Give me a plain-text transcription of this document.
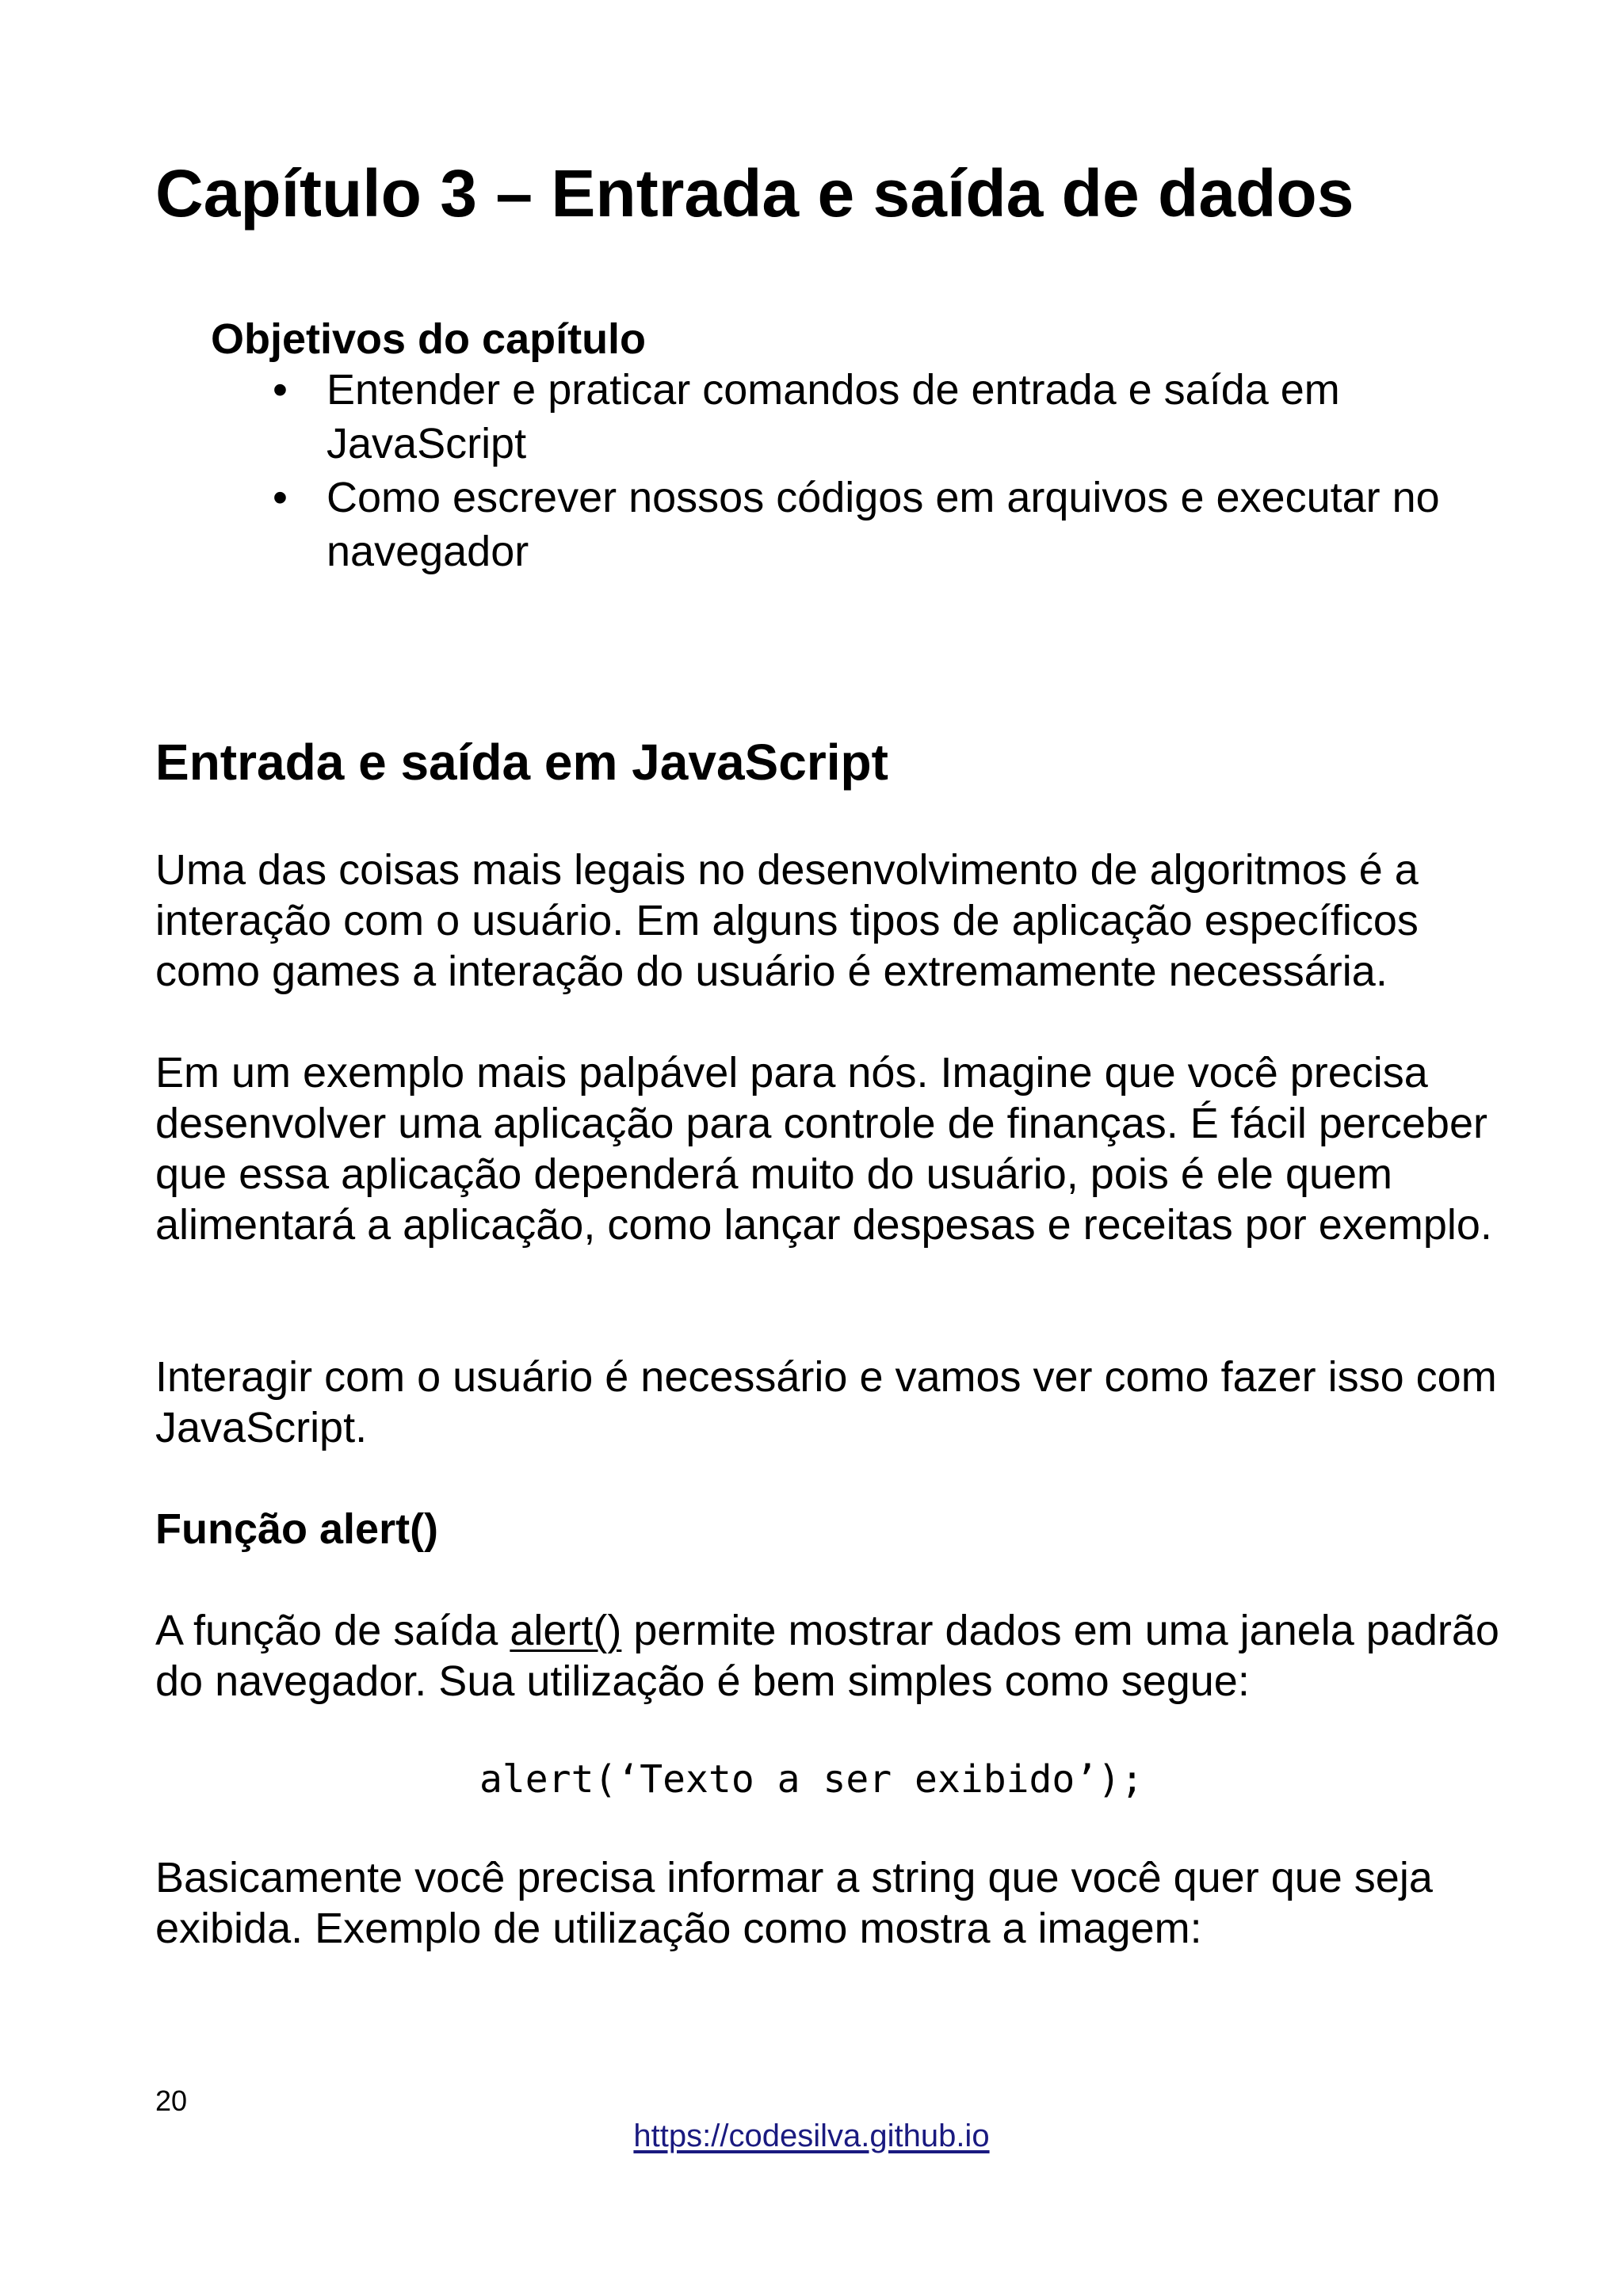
Capítulo 3 – Entrada e saída de dados
Objetivos do capítulo
• Entender e praticar comandos de entrada e saída em JavaScript
• Como escrever nossos códigos em arquivos e executar no navegador
Entrada e saída em JavaScript

Uma das coisas mais legais no desenvolvimento de algoritmos é a interação com o usuário. Em alguns tipos de aplicação específicos como games a interação do usuário é extremamente necessária.

Em um exemplo mais palpável para nós. Imagine que você precisa desenvolver uma aplicação para controle de finanças. É fácil perceber que essa aplicação dependerá muito do usuário, pois é ele quem alimentará a aplicação, como lançar despesas e receitas por exemplo.

Interagir com o usuário é necessário e vamos ver como fazer isso com JavaScript.

Função alert()

A função de saída alert() permite mostrar dados em uma janela padrão do navegador. Sua utilização é bem simples como segue:

alert(‘Texto a ser exibido’);

Basicamente você precisa informar a string que você quer que seja exibida. Exemplo de utilização como mostra a imagem:

20
https://codesilva.github.io
